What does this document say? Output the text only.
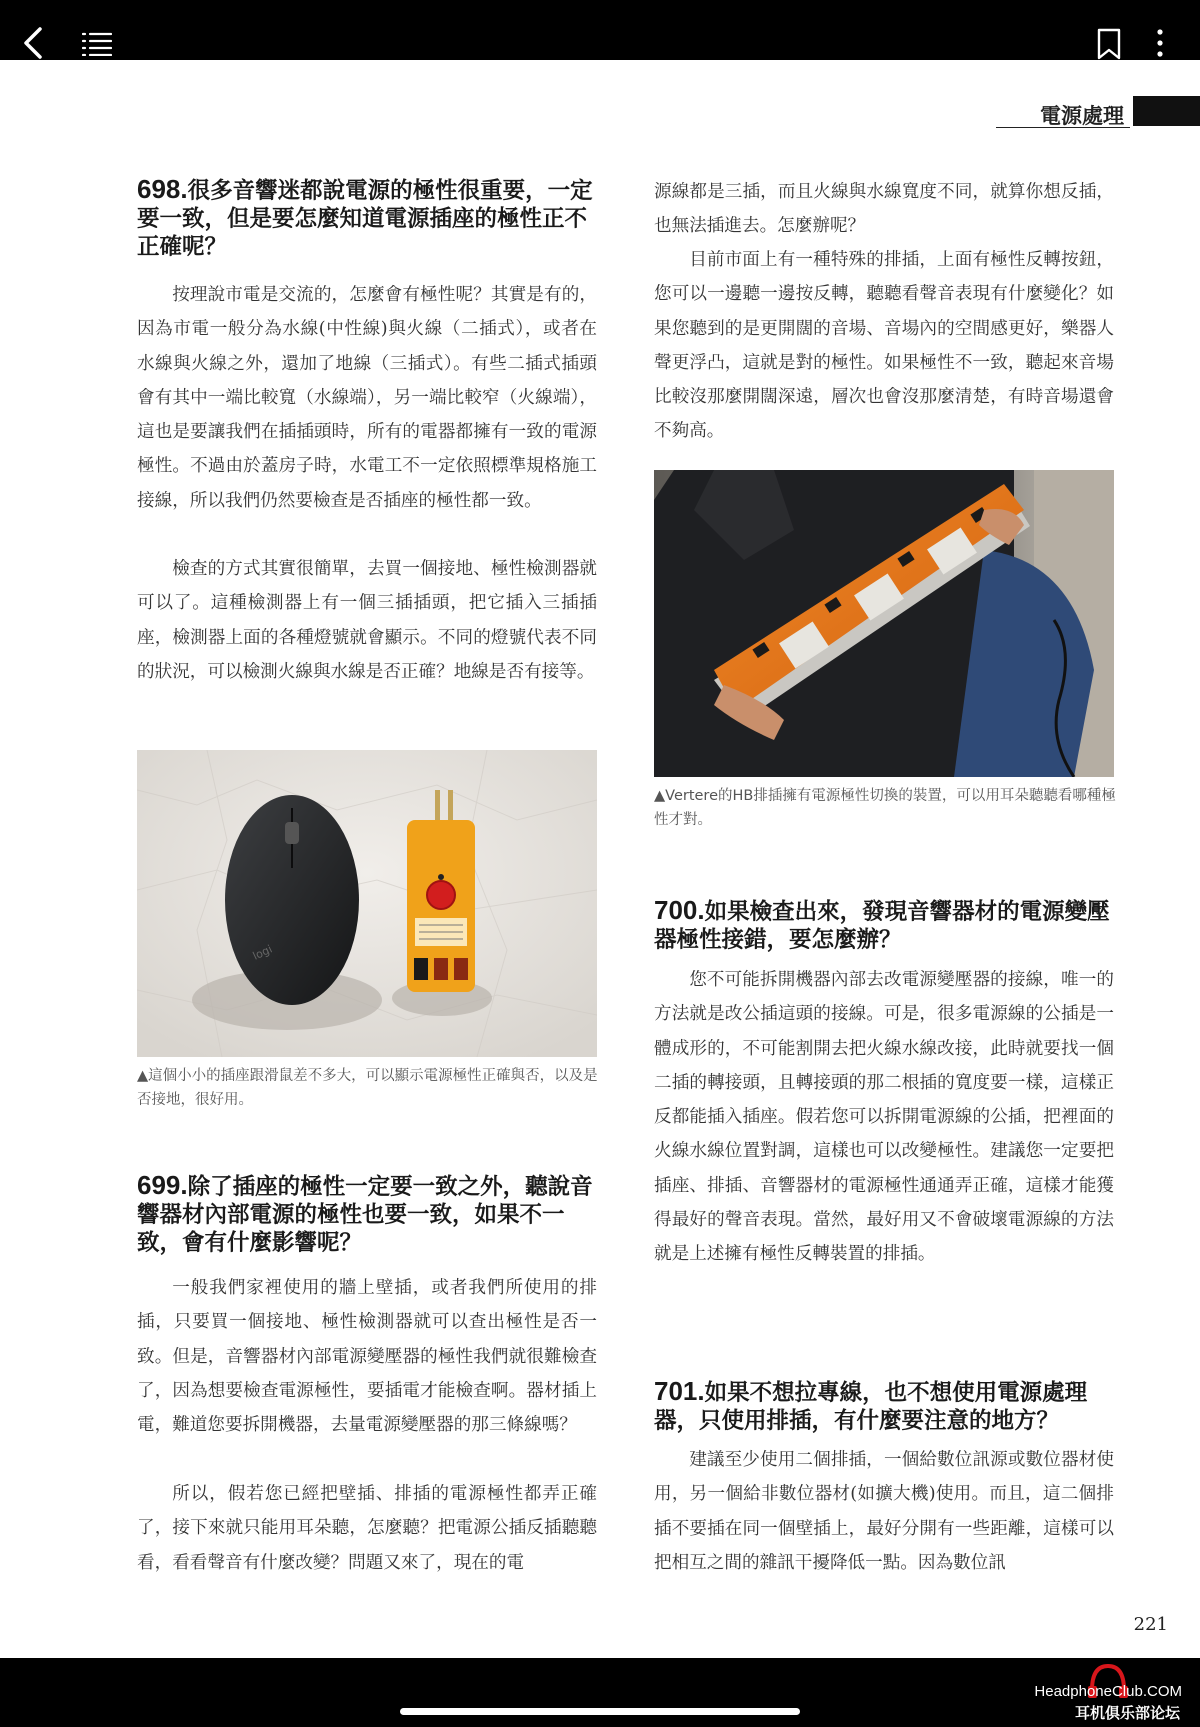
電源處理
698.很多音響迷都說電源的極性很重要，一定要一致，但是要怎麼知道電源插座的極性正不正確呢？
按理說市電是交流的，怎麼會有極性呢？其實是有的，因為市電一般分為水線(中性線)與火線（二插式），或者在水線與火線之外，還加了地線（三插式）。有些二插式插頭會有其中一端比較寬（水線端），另一端比較窄（火線端），這也是要讓我們在插插頭時，所有的電器都擁有一致的電源極性。不過由於蓋房子時，水電工不一定依照標準規格施工接線，所以我們仍然要檢查是否插座的極性都一致。
檢查的方式其實很簡單，去買一個接地、極性檢測器就可以了。這種檢測器上有一個三插插頭，把它插入三插插座，檢測器上面的各種燈號就會顯示。不同的燈號代表不同的狀況，可以檢測火線與水線是否正確？地線是否有接等。
logi
▲這個小小的插座跟滑鼠差不多大，可以顯示電源極性正確與否，以及是否接地，很好用。
699.除了插座的極性一定要一致之外，聽說音響器材內部電源的極性也要一致，如果不一致，會有什麼影響呢？
一般我們家裡使用的牆上壁插，或者我們所使用的排插，只要買一個接地、極性檢測器就可以查出極性是否一致。但是，音響器材內部電源變壓器的極性我們就很難檢查了，因為想要檢查電源極性，要插電才能檢查啊。器材插上電，難道您要拆開機器，去量電源變壓器的那三條線嗎？
所以，假若您已經把壁插、排插的電源極性都弄正確了，接下來就只能用耳朵聽，怎麼聽？把電源公插反插聽聽看，看看聲音有什麼改變？問題又來了，現在的電
源線都是三插，而且火線與水線寬度不同，就算你想反插，也無法插進去。怎麼辦呢？
目前市面上有一種特殊的排插，上面有極性反轉按鈕，您可以一邊聽一邊按反轉，聽聽看聲音表現有什麼變化？如果您聽到的是更開闊的音場、音場內的空間感更好，樂器人聲更浮凸，這就是對的極性。如果極性不一致，聽起來音場比較沒那麼開闊深遠，層次也會沒那麼清楚，有時音場還會不夠高。
▲Vertere的HB排插擁有電源極性切換的裝置，可以用耳朵聽聽看哪種極性才對。
700.如果檢查出來，發現音響器材的電源變壓器極性接錯，要怎麼辦？
您不可能拆開機器內部去改電源變壓器的接線，唯一的方法就是改公插這頭的接線。可是，很多電源線的公插是一體成形的，不可能割開去把火線水線改接，此時就要找一個二插的轉接頭，且轉接頭的那二根插的寬度要一樣，這樣正反都能插入插座。假若您可以拆開電源線的公插，把裡面的火線水線位置對調，這樣也可以改變極性。建議您一定要把插座、排插、音響器材的電源極性通通弄正確，這樣才能獲得最好的聲音表現。當然，最好用又不會破壞電源線的方法就是上述擁有極性反轉裝置的排插。
701.如果不想拉專線，也不想使用電源處理器，只使用排插，有什麼要注意的地方？
建議至少使用二個排插，一個給數位訊源或數位器材使用，另一個給非數位器材(如擴大機)使用。而且，這二個排插不要插在同一個壁插上，最好分開有一些距離，這樣可以把相互之間的雜訊干擾降低一點。因為數位訊
221
HeadphoneClub.COM
耳机俱乐部论坛
